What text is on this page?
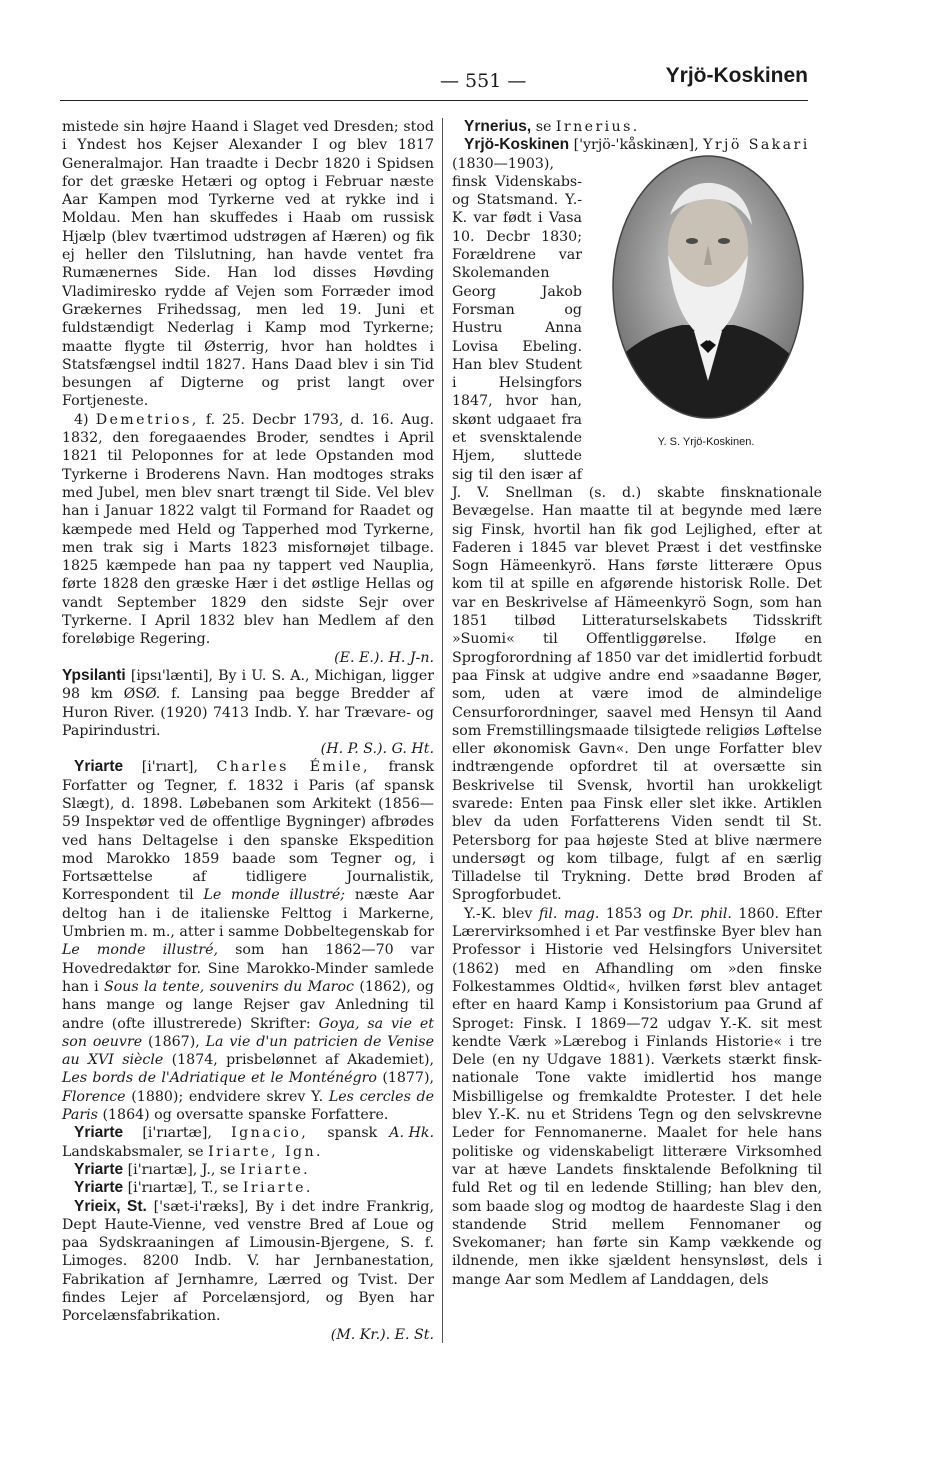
— 551 —	Yrjö-Koskinen

mistede sin højre Haand i Slaget ved Dresden; stod i Yndest hos Kejser Alexander I og blev 1817 Generalmajor. Han traadte i Decbr 1820 i Spidsen for det græske Hetæri og optog i Februar næste Aar Kampen mod Tyrkerne ved at rykke ind i Moldau. Men han skuffedes i Haab om russisk Hjælp (blev tværtimod udstrøgen af Hæren) og fik ej heller den Tilslutning, han havde ventet fra Rumænernes Side. Han lod disses Høvding Vladimiresko rydde af Vejen som Forræder imod Grækernes Frihedssag, men led 19. Juni et fuldstændigt Nederlag i Kamp mod Tyrkerne; maatte flygte til Østerrig, hvor han holdtes i Statsfængsel indtil 1827. Hans Daad blev i sin Tid besungen af Digterne og prist langt over Fortjeneste.

4) Demetrios, f. 25. Decbr 1793, d. 16. Aug. 1832, den foregaaendes Broder, sendtes i April 1821 til Peloponnes for at lede Opstanden mod Tyrkerne i Broderens Navn. Han modtoges straks med Jubel, men blev snart trængt til Side. Vel blev han i Januar 1822 valgt til Formand for Raadet og kæmpede med Held og Tapperhed mod Tyrkerne, men trak sig i Marts 1823 misfornøjet tilbage. 1825 kæmpede han paa ny tappert ved Nauplia, førte 1828 den græske Hær i det østlige Hellas og vandt September 1829 den sidste Sejr over Tyrkerne. I April 1832 blev han Medlem af den foreløbige Regering.

(E. E.). H. J-n.

Ypsilanti [ipsı'lænti], By i U. S. A., Michigan, ligger 98 km ØSØ. f. Lansing paa begge Bredder af Huron River. (1920) 7413 Indb. Y. har Trævare- og Papirindustri.

(H. P. S.). G. Ht.

Yriarte [i'rıart], Charles Émile, fransk Forfatter og Tegner, f. 1832 i Paris (af spansk Slægt), d. 1898. Løbebanen som Arkitekt (1856—59 Inspektør ved de offentlige Bygninger) afbrødes ved hans Deltagelse i den spanske Ekspedition mod Marokko 1859 baade som Tegner og, i Fortsættelse af tidligere Journalistik, Korrespondent til Le monde illustré; næste Aar deltog han i de italienske Felttog i Markerne, Umbrien m. m., atter i samme Dobbeltegenskab for Le monde illustré, som han 1862—70 var Hovedredaktør for. Sine Marokko-Minder samlede han i Sous la tente, souvenirs du Maroc (1862), og hans mange og lange Rejser gav Anledning til andre (ofte illustrerede) Skrifter: Goya, sa vie et son oeuvre (1867), La vie d'un patricien de Venise au XVI siècle (1874, prisbelønnet af Akademiet), Les bords de l'Adriatique et le Monténégro (1877), Florence (1880); endvidere skrev Y. Les cercles de Paris (1864) og oversatte spanske Forfattere.
A. Hk.

Yriarte [i'rıartæ], Ignacio, spansk Landskabsmaler, se Iriarte, Ign.

Yriarte [i'rıartæ], J., se Iriarte.

Yriarte [i'rıartæ], T., se Iriarte.

Yrieix, St. ['sæt-i'ræks], By i det indre Frankrig, Dept Haute-Vienne, ved venstre Bred af Loue og paa Sydskraaningen af Limousin-Bjergene, S. f. Limoges. 8200 Indb. V. har Jernbanestation, Fabrikation af Jernhamre, Lærred og Tvist. Der findes Lejer af Porcelænsjord, og Byen har Porcelænsfabrikation.

(M. Kr.). E. St.

Yrnerius, se Irnerius.

Yrjö-Koskinen ['yrjö-'kåskinæn], Yrjö Sakari

Y. S. Yrjö-Koskinen.

(1830—1903), finsk Videnskabs- og Statsmand. Y.-K. var født i Vasa 10. Decbr 1830; Forældrene var Skolemanden Georg Jakob Forsman og Hustru Anna Lovisa Ebeling. Han blev Student i Helsingfors 1847, hvor han, skønt udgaaet fra et svensktalende Hjem, sluttede sig til den især af J. V. Snellman (s. d.) skabte finsknationale Bevægelse. Han maatte til at begynde med lære sig Finsk, hvortil han fik god Lejlighed, efter at Faderen i 1845 var blevet Præst i det vestfinske Sogn Hämeenkyrö. Hans første litterære Opus kom til at spille en afgørende historisk Rolle. Det var en Beskrivelse af Hämeenkyrö Sogn, som han 1851 tilbød Litteraturselskabets Tidsskrift »Suomi« til Offentliggørelse. Ifølge en Sprogforordning af 1850 var det imidlertid forbudt paa Finsk at udgive andre end »saadanne Bøger, som, uden at være imod de almindelige Censurforordninger, saavel med Hensyn til Aand som Fremstillingsmaade tilsigtede religiøs Løftelse eller økonomisk Gavn«. Den unge Forfatter blev indtrængende opfordret til at oversætte sin Beskrivelse til Svensk, hvortil han urokkeligt svarede: Enten paa Finsk eller slet ikke. Artiklen blev da uden Forfatterens Viden sendt til St. Petersborg for paa højeste Sted at blive nærmere undersøgt og kom tilbage, fulgt af en særlig Tilladelse til Trykning. Dette brød Broden af Sprogforbudet.

Y.-K. blev fil. mag. 1853 og Dr. phil. 1860. Efter Lærervirksomhed i et Par vestfinske Byer blev han Professor i Historie ved Helsingfors Universitet (1862) med en Afhandling om »den finske Folkestammes Oldtid«, hvilken først blev antaget efter en haard Kamp i Konsistorium paa Grund af Sproget: Finsk. I 1869—72 udgav Y.-K. sit mest kendte Værk »Lærebog i Finlands Historie« i tre Dele (en ny Udgave 1881). Værkets stærkt finsk-nationale Tone vakte imidlertid hos mange Misbilligelse og fremkaldte Protester. I det hele blev Y.-K. nu et Stridens Tegn og den selvskrevne Leder for Fennomanerne. Maalet for hele hans politiske og videnskabeligt litterære Virksomhed var at hæve Landets finsktalende Befolkning til fuld Ret og til en ledende Stilling; han blev den, som baade slog og modtog de haardeste Slag i den standende Strid mellem Fennomaner og Svekomaner; han førte sin Kamp vækkende og ildnende, men ikke sjældent hensynsløst, dels i mange Aar som Medlem af Landdagen, dels
